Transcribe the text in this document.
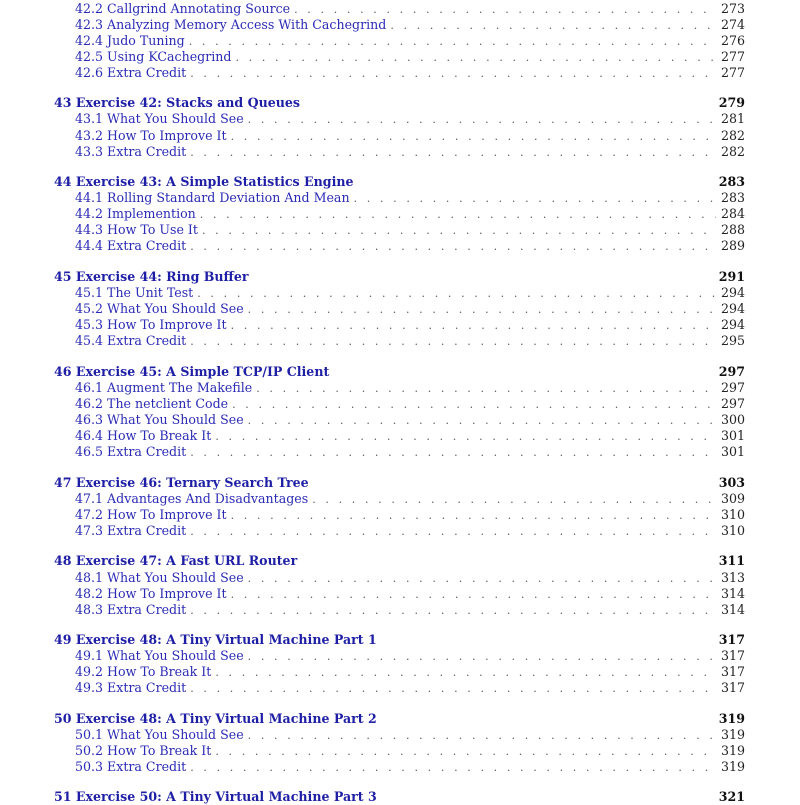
42.2 Callgrind Annotating Source . . .	273
42.3 Analyzing Memory Access With Cachegrind . . .	274
42.4 Judo Tuning . . .	276
42.5 Using KCachegrind . . .	277
42.6 Extra Credit . . .	277
43 Exercise 42: Stacks and Queues	279
43.1 What You Should See . . .	281
43.2 How To Improve It . . .	282
43.3 Extra Credit . . .	282
44 Exercise 43: A Simple Statistics Engine	283
44.1 Rolling Standard Deviation And Mean . . .	283
44.2 Implemention . . .	284
44.3 How To Use It . . .	288
44.4 Extra Credit . . .	289
45 Exercise 44: Ring Buffer	291
45.1 The Unit Test . . .	294
45.2 What You Should See . . .	294
45.3 How To Improve It . . .	294
45.4 Extra Credit . . .	295
46 Exercise 45: A Simple TCP/IP Client	297
46.1 Augment The Makefile . . .	297
46.2 The netclient Code . . .	297
46.3 What You Should See . . .	300
46.4 How To Break It . . .	301
46.5 Extra Credit . . .	301
47 Exercise 46: Ternary Search Tree	303
47.1 Advantages And Disadvantages . . .	309
47.2 How To Improve It . . .	310
47.3 Extra Credit . . .	310
48 Exercise 47: A Fast URL Router	311
48.1 What You Should See . . .	313
48.2 How To Improve It . . .	314
48.3 Extra Credit . . .	314
49 Exercise 48: A Tiny Virtual Machine Part 1	317
49.1 What You Should See . . .	317
49.2 How To Break It . . .	317
49.3 Extra Credit . . .	317
50 Exercise 48: A Tiny Virtual Machine Part 2	319
50.1 What You Should See . . .	319
50.2 How To Break It . . .	319
50.3 Extra Credit . . .	319
51 Exercise 50: A Tiny Virtual Machine Part 3	321
